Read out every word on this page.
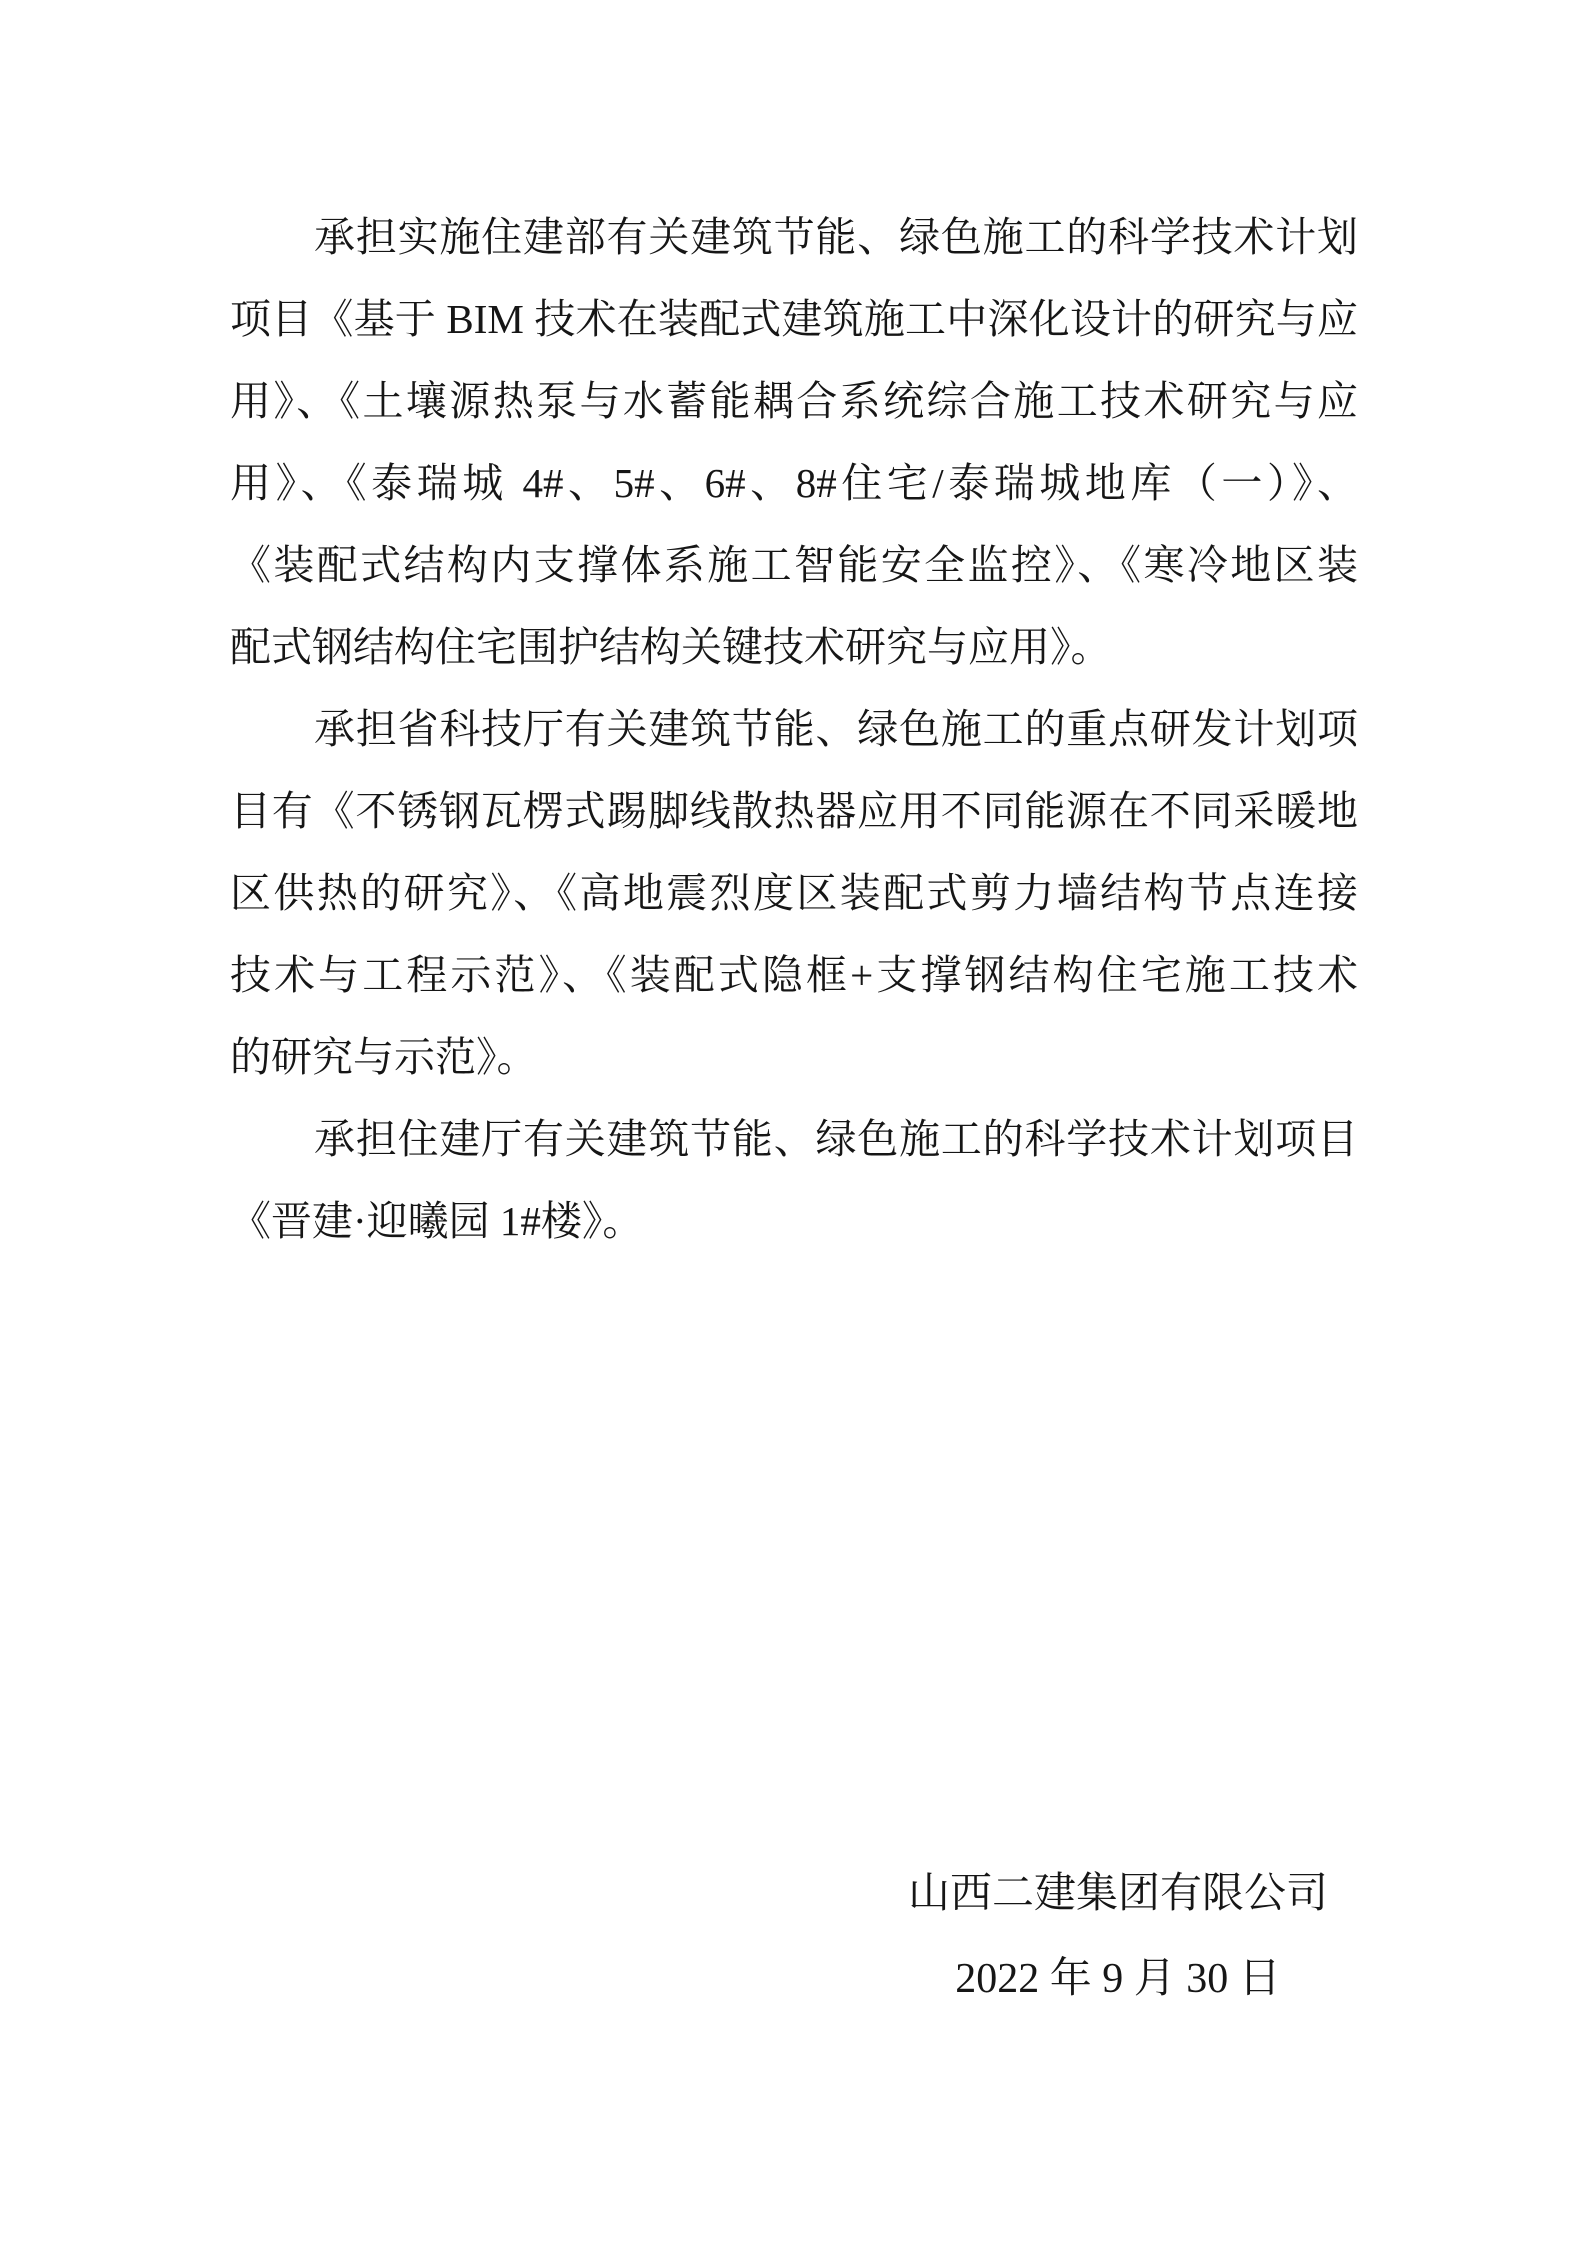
承担实施住建部有关建筑节能、绿色施工的科学技术计划
项目《基于 BIM 技术在装配式建筑施工中深化设计的研究与应
用》、《土壤源热泵与水蓄能耦合系统综合施工技术研究与应
用》、《泰瑞城 4#、5#、6#、8#住宅/泰瑞城地库（一）》、
《装配式结构内支撑体系施工智能安全监控》、《寒冷地区装
配式钢结构住宅围护结构关键技术研究与应用》。
承担省科技厅有关建筑节能、绿色施工的重点研发计划项
目有《不锈钢瓦楞式踢脚线散热器应用不同能源在不同采暖地
区供热的研究》、《高地震烈度区装配式剪力墙结构节点连接
技术与工程示范》、《装配式隐框+支撑钢结构住宅施工技术
的研究与示范》。
承担住建厅有关建筑节能、绿色施工的科学技术计划项目
《晋建·迎曦园 1#楼》。
山西二建集团有限公司
2022 年 9 月 30 日
